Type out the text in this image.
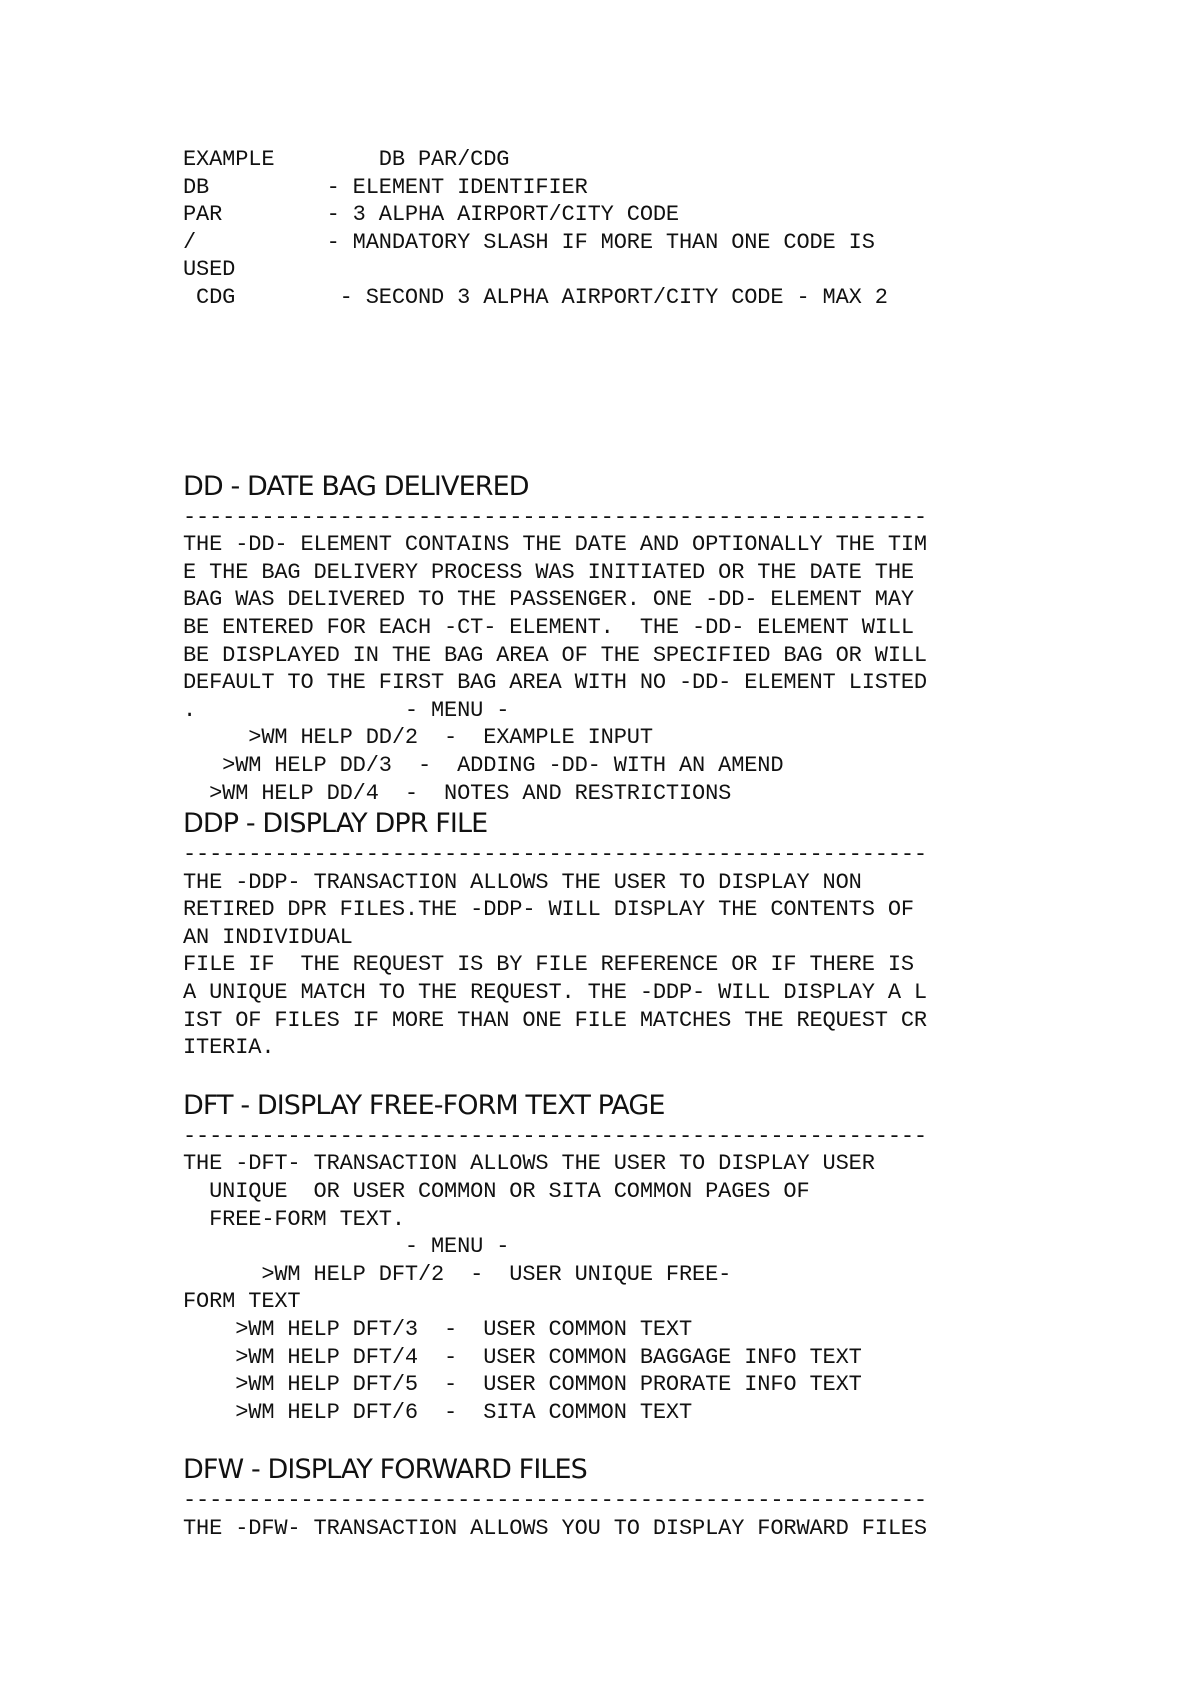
EXAMPLE        DB PAR/CDG
DB         - ELEMENT IDENTIFIER
PAR        - 3 ALPHA AIRPORT/CITY CODE
/          - MANDATORY SLASH IF MORE THAN ONE CODE IS
USED
CDG        - SECOND 3 ALPHA AIRPORT/CITY CODE - MAX 2
DD - DATE BAG DELIVERED
---------------------------------------------------------
THE -DD- ELEMENT CONTAINS THE DATE AND OPTIONALLY THE TIM
E THE BAG DELIVERY PROCESS WAS INITIATED OR THE DATE THE
BAG WAS DELIVERED TO THE PASSENGER. ONE -DD- ELEMENT MAY
BE ENTERED FOR EACH -CT- ELEMENT.  THE -DD- ELEMENT WILL
BE DISPLAYED IN THE BAG AREA OF THE SPECIFIED BAG OR WILL
DEFAULT TO THE FIRST BAG AREA WITH NO -DD- ELEMENT LISTED
.                - MENU -
>WM HELP DD/2  -  EXAMPLE INPUT
>WM HELP DD/3  -  ADDING -DD- WITH AN AMEND
>WM HELP DD/4  -  NOTES AND RESTRICTIONS
DDP - DISPLAY DPR FILE
---------------------------------------------------------
THE -DDP- TRANSACTION ALLOWS THE USER TO DISPLAY NON
RETIRED DPR FILES.THE -DDP- WILL DISPLAY THE CONTENTS OF
AN INDIVIDUAL
FILE IF  THE REQUEST IS BY FILE REFERENCE OR IF THERE IS
A UNIQUE MATCH TO THE REQUEST. THE -DDP- WILL DISPLAY A L
IST OF FILES IF MORE THAN ONE FILE MATCHES THE REQUEST CR
ITERIA.
DFT - DISPLAY FREE-FORM TEXT PAGE
---------------------------------------------------------
THE -DFT- TRANSACTION ALLOWS THE USER TO DISPLAY USER
UNIQUE  OR USER COMMON OR SITA COMMON PAGES OF
FREE-FORM TEXT.
- MENU -
>WM HELP DFT/2  -  USER UNIQUE FREE-
FORM TEXT
>WM HELP DFT/3  -  USER COMMON TEXT
>WM HELP DFT/4  -  USER COMMON BAGGAGE INFO TEXT
>WM HELP DFT/5  -  USER COMMON PRORATE INFO TEXT
>WM HELP DFT/6  -  SITA COMMON TEXT
DFW - DISPLAY FORWARD FILES
---------------------------------------------------------
THE -DFW- TRANSACTION ALLOWS YOU TO DISPLAY FORWARD FILES
